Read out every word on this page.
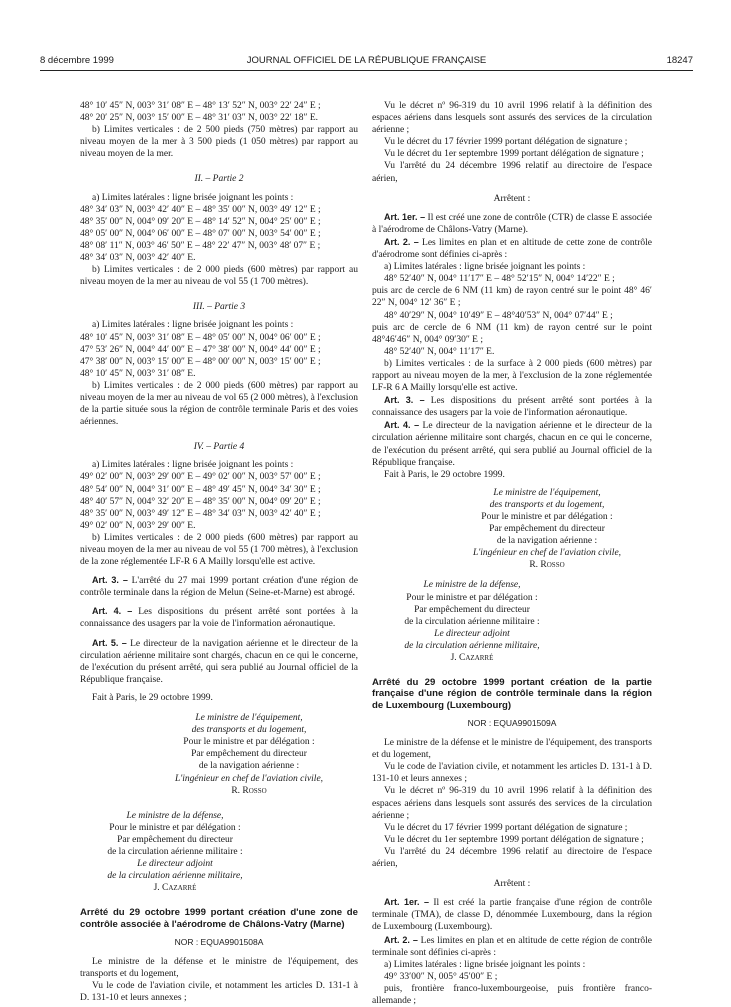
8 décembre 1999	JOURNAL OFFICIEL DE LA RÉPUBLIQUE FRANÇAISE	18247

48° 10′ 45″ N, 003° 31′ 08″ E – 48° 13′ 52″ N, 003° 22′ 24″ E ;

48° 20′ 25″ N, 003° 15′ 00″ E – 48° 31′ 03″ N, 003° 22′ 18″ E.

b) Limites verticales : de 2 500 pieds (750 mètres) par rapport au niveau moyen de la mer à 3 500 pieds (1 050 mètres) par rapport au niveau moyen de la mer.

II. – Partie 2

a) Limites latérales : ligne brisée joignant les points :

48° 34′ 03″ N, 003° 42′ 40″ E – 48° 35′ 00″ N, 003° 49′ 12″ E ;

48° 35′ 00″ N, 004° 09′ 20″ E – 48° 14′ 52″ N, 004° 25′ 00″ E ;

48° 05′ 00″ N, 004° 06′ 00″ E – 48° 07′ 00″ N, 003° 54′ 00″ E ;

48° 08′ 11″ N, 003° 46′ 50″ E – 48° 22′ 47″ N, 003° 48′ 07″ E ;

48° 34′ 03″ N, 003° 42′ 40″ E.

b) Limites verticales : de 2 000 pieds (600 mètres) par rapport au niveau moyen de la mer au niveau de vol 55 (1 700 mètres).

III. – Partie 3

a) Limites latérales : ligne brisée joignant les points :

48° 10′ 45″ N, 003° 31′ 08″ E – 48° 05′ 00″ N, 004° 06′ 00″ E ;

47° 53′ 26″ N, 004° 44′ 00″ E – 47° 38′ 00″ N, 004° 44′ 00″ E ;

47° 38′ 00″ N, 003° 15′ 00″ E – 48° 00′ 00″ N, 003° 15′ 00″ E ;

48° 10′ 45″ N, 003° 31′ 08″ E.

b) Limites verticales : de 2 000 pieds (600 mètres) par rapport au niveau moyen de la mer au niveau de vol 65 (2 000 mètres), à l'exclusion de la partie située sous la région de contrôle terminale Paris et des voies aériennes.

IV. – Partie 4

a) Limites latérales : ligne brisée joignant les points :

49° 02′ 00″ N, 003° 29′ 00″ E – 49° 02′ 00″ N, 003° 57′ 00″ E ;

48° 54′ 00″ N, 004° 31′ 00″ E – 48° 49′ 45″ N, 004° 34′ 30″ E ;

48° 40′ 57″ N, 004° 32′ 20″ E – 48° 35′ 00″ N, 004° 09′ 20″ E ;

48° 35′ 00″ N, 003° 49′ 12″ E – 48° 34′ 03″ N, 003° 42′ 40″ E ;

49° 02′ 00″ N, 003° 29′ 00″ E.

b) Limites verticales : de 2 000 pieds (600 mètres) par rapport au niveau moyen de la mer au niveau de vol 55 (1 700 mètres), à l'exclusion de la zone réglementée LF-R 6 A Mailly lorsqu'elle est active.

Art. 3. – L'arrêté du 27 mai 1999 portant création d'une région de contrôle terminale dans la région de Melun (Seine-et-Marne) est abrogé.

Art. 4. – Les dispositions du présent arrêté sont portées à la connaissance des usagers par la voie de l'information aéronautique.

Art. 5. – Le directeur de la navigation aérienne et le directeur de la circulation aérienne militaire sont chargés, chacun en ce qui le concerne, de l'exécution du présent arrêté, qui sera publié au Journal officiel de la République française.

Fait à Paris, le 29 octobre 1999.

Le ministre de l'équipement,

des transports et du logement,

Pour le ministre et par délégation :

Par empêchement du directeur

de la navigation aérienne :

L'ingénieur en chef de l'aviation civile,

R. Rosso

Le ministre de la défense,

Pour le ministre et par délégation :

Par empêchement du directeur

de la circulation aérienne militaire :

Le directeur adjoint

de la circulation aérienne militaire,

J. Cazarré

Arrêté du 29 octobre 1999 portant création d'une zone de contrôle associée à l'aérodrome de Châlons-Vatry (Marne)

NOR : EQUA9901508A

Le ministre de la défense et le ministre de l'équipement, des transports et du logement,

Vu le code de l'aviation civile, et notamment les articles D. 131-1 à D. 131-10 et leurs annexes ;

Vu le décret nº 96-319 du 10 avril 1996 relatif à la définition des espaces aériens dans lesquels sont assurés des services de la circulation aérienne ;

Vu le décret du 17 février 1999 portant délégation de signature ;

Vu le décret du 1er septembre 1999 portant délégation de signature ;

Vu l'arrêté du 24 décembre 1996 relatif au directoire de l'espace aérien,

Arrêtent :

Art. 1er. – Il est créé une zone de contrôle (CTR) de classe E associée à l'aérodrome de Châlons-Vatry (Marne).

Art. 2. – Les limites en plan et en altitude de cette zone de contrôle d'aérodrome sont définies ci-après :

a) Limites latérales : ligne brisée joignant les points :

48° 52′40″ N, 004° 11′17″ E – 48° 52′15″ N, 004° 14′22″ E ;

puis arc de cercle de 6 NM (11 km) de rayon centré sur le point 48° 46′ 22″ N, 004° 12′ 36″ E ;

48° 40′29″ N, 004° 10′49″ E – 48°40′53″ N, 004° 07′44″ E ;

puis arc de cercle de 6 NM (11 km) de rayon centré sur le point 48°46′46″ N, 004° 09′30″ E ;

48° 52′40″ N, 004° 11′17″ E.

b) Limites verticales : de la surface à 2 000 pieds (600 mètres) par rapport au niveau moyen de la mer, à l'exclusion de la zone réglementée LF-R 6 A Mailly lorsqu'elle est active.

Art. 3. – Les dispositions du présent arrêté sont portées à la connaissance des usagers par la voie de l'information aéronautique.

Art. 4. – Le directeur de la navigation aérienne et le directeur de la circulation aérienne militaire sont chargés, chacun en ce qui le concerne, de l'exécution du présent arrêté, qui sera publié au Journal officiel de la République française.

Fait à Paris, le 29 octobre 1999.

Le ministre de l'équipement,

des transports et du logement,

Pour le ministre et par délégation :

Par empêchement du directeur

de la navigation aérienne :

L'ingénieur en chef de l'aviation civile,

R. Rosso

Le ministre de la défense,

Pour le ministre et par délégation :

Par empêchement du directeur

de la circulation aérienne militaire :

Le directeur adjoint

de la circulation aérienne militaire,

J. Cazarré

Arrêté du 29 octobre 1999 portant création de la partie française d'une région de contrôle terminale dans la région de Luxembourg (Luxembourg)

NOR : EQUA9901509A

Le ministre de la défense et le ministre de l'équipement, des transports et du logement,

Vu le code de l'aviation civile, et notamment les articles D. 131-1 à D. 131-10 et leurs annexes ;

Vu le décret nº 96-319 du 10 avril 1996 relatif à la définition des espaces aériens dans lesquels sont assurés des services de la circulation aérienne ;

Vu le décret du 17 février 1999 portant délégation de signature ;

Vu le décret du 1er septembre 1999 portant délégation de signature ;

Vu l'arrêté du 24 décembre 1996 relatif au directoire de l'espace aérien,

Arrêtent :

Art. 1er. – Il est créé la partie française d'une région de contrôle terminale (TMA), de classe D, dénommée Luxembourg, dans la région de Luxembourg (Luxembourg).

Art. 2. – Les limites en plan et en altitude de cette région de contrôle terminale sont définies ci-après :

a) Limites latérales : ligne brisée joignant les points :

49° 33′00″ N, 005° 45′00″ E ;

puis, frontière franco-luxembourgeoise, puis frontière franco-allemande ;
